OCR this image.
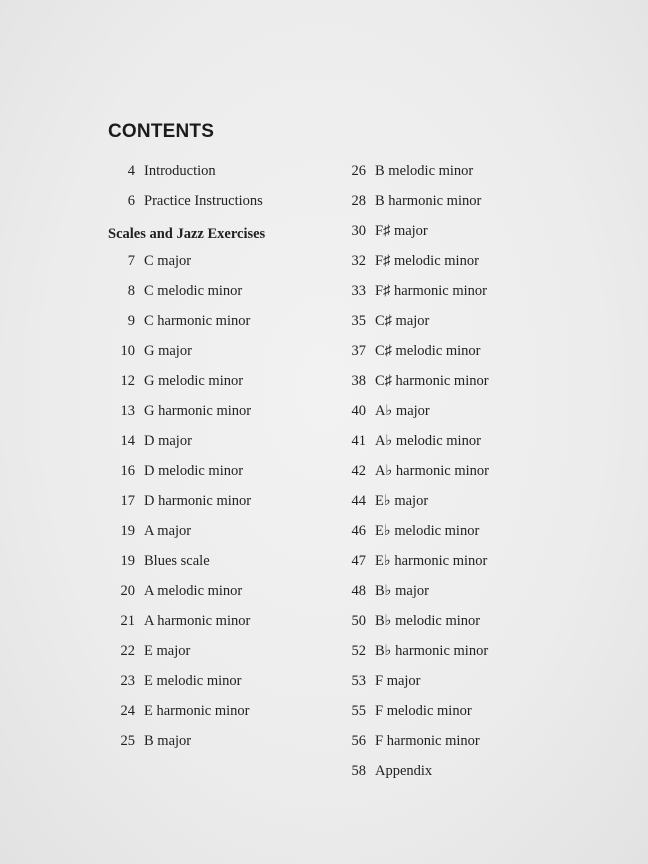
CONTENTS
4 Introduction
6 Practice Instructions
7 C major
8 C melodic minor
9 C harmonic minor
10 G major
12 G melodic minor
13 G harmonic minor
14 D major
16 D melodic minor
17 D harmonic minor
19 A major
19 Blues scale
20 A melodic minor
21 A harmonic minor
22 E major
23 E melodic minor
24 E harmonic minor
25 B major
Scales and Jazz Exercises
26 B melodic minor
28 B harmonic minor
30 F♯ major
32 F♯ melodic minor
33 F♯ harmonic minor
35 C♯ major
37 C♯ melodic minor
38 C♯ harmonic minor
40 A♭ major
41 A♭ melodic minor
42 A♭ harmonic minor
44 E♭ major
46 E♭ melodic minor
47 E♭ harmonic minor
48 B♭ major
50 B♭ melodic minor
52 B♭ harmonic minor
53 F major
55 F melodic minor
56 F harmonic minor
58 Appendix
